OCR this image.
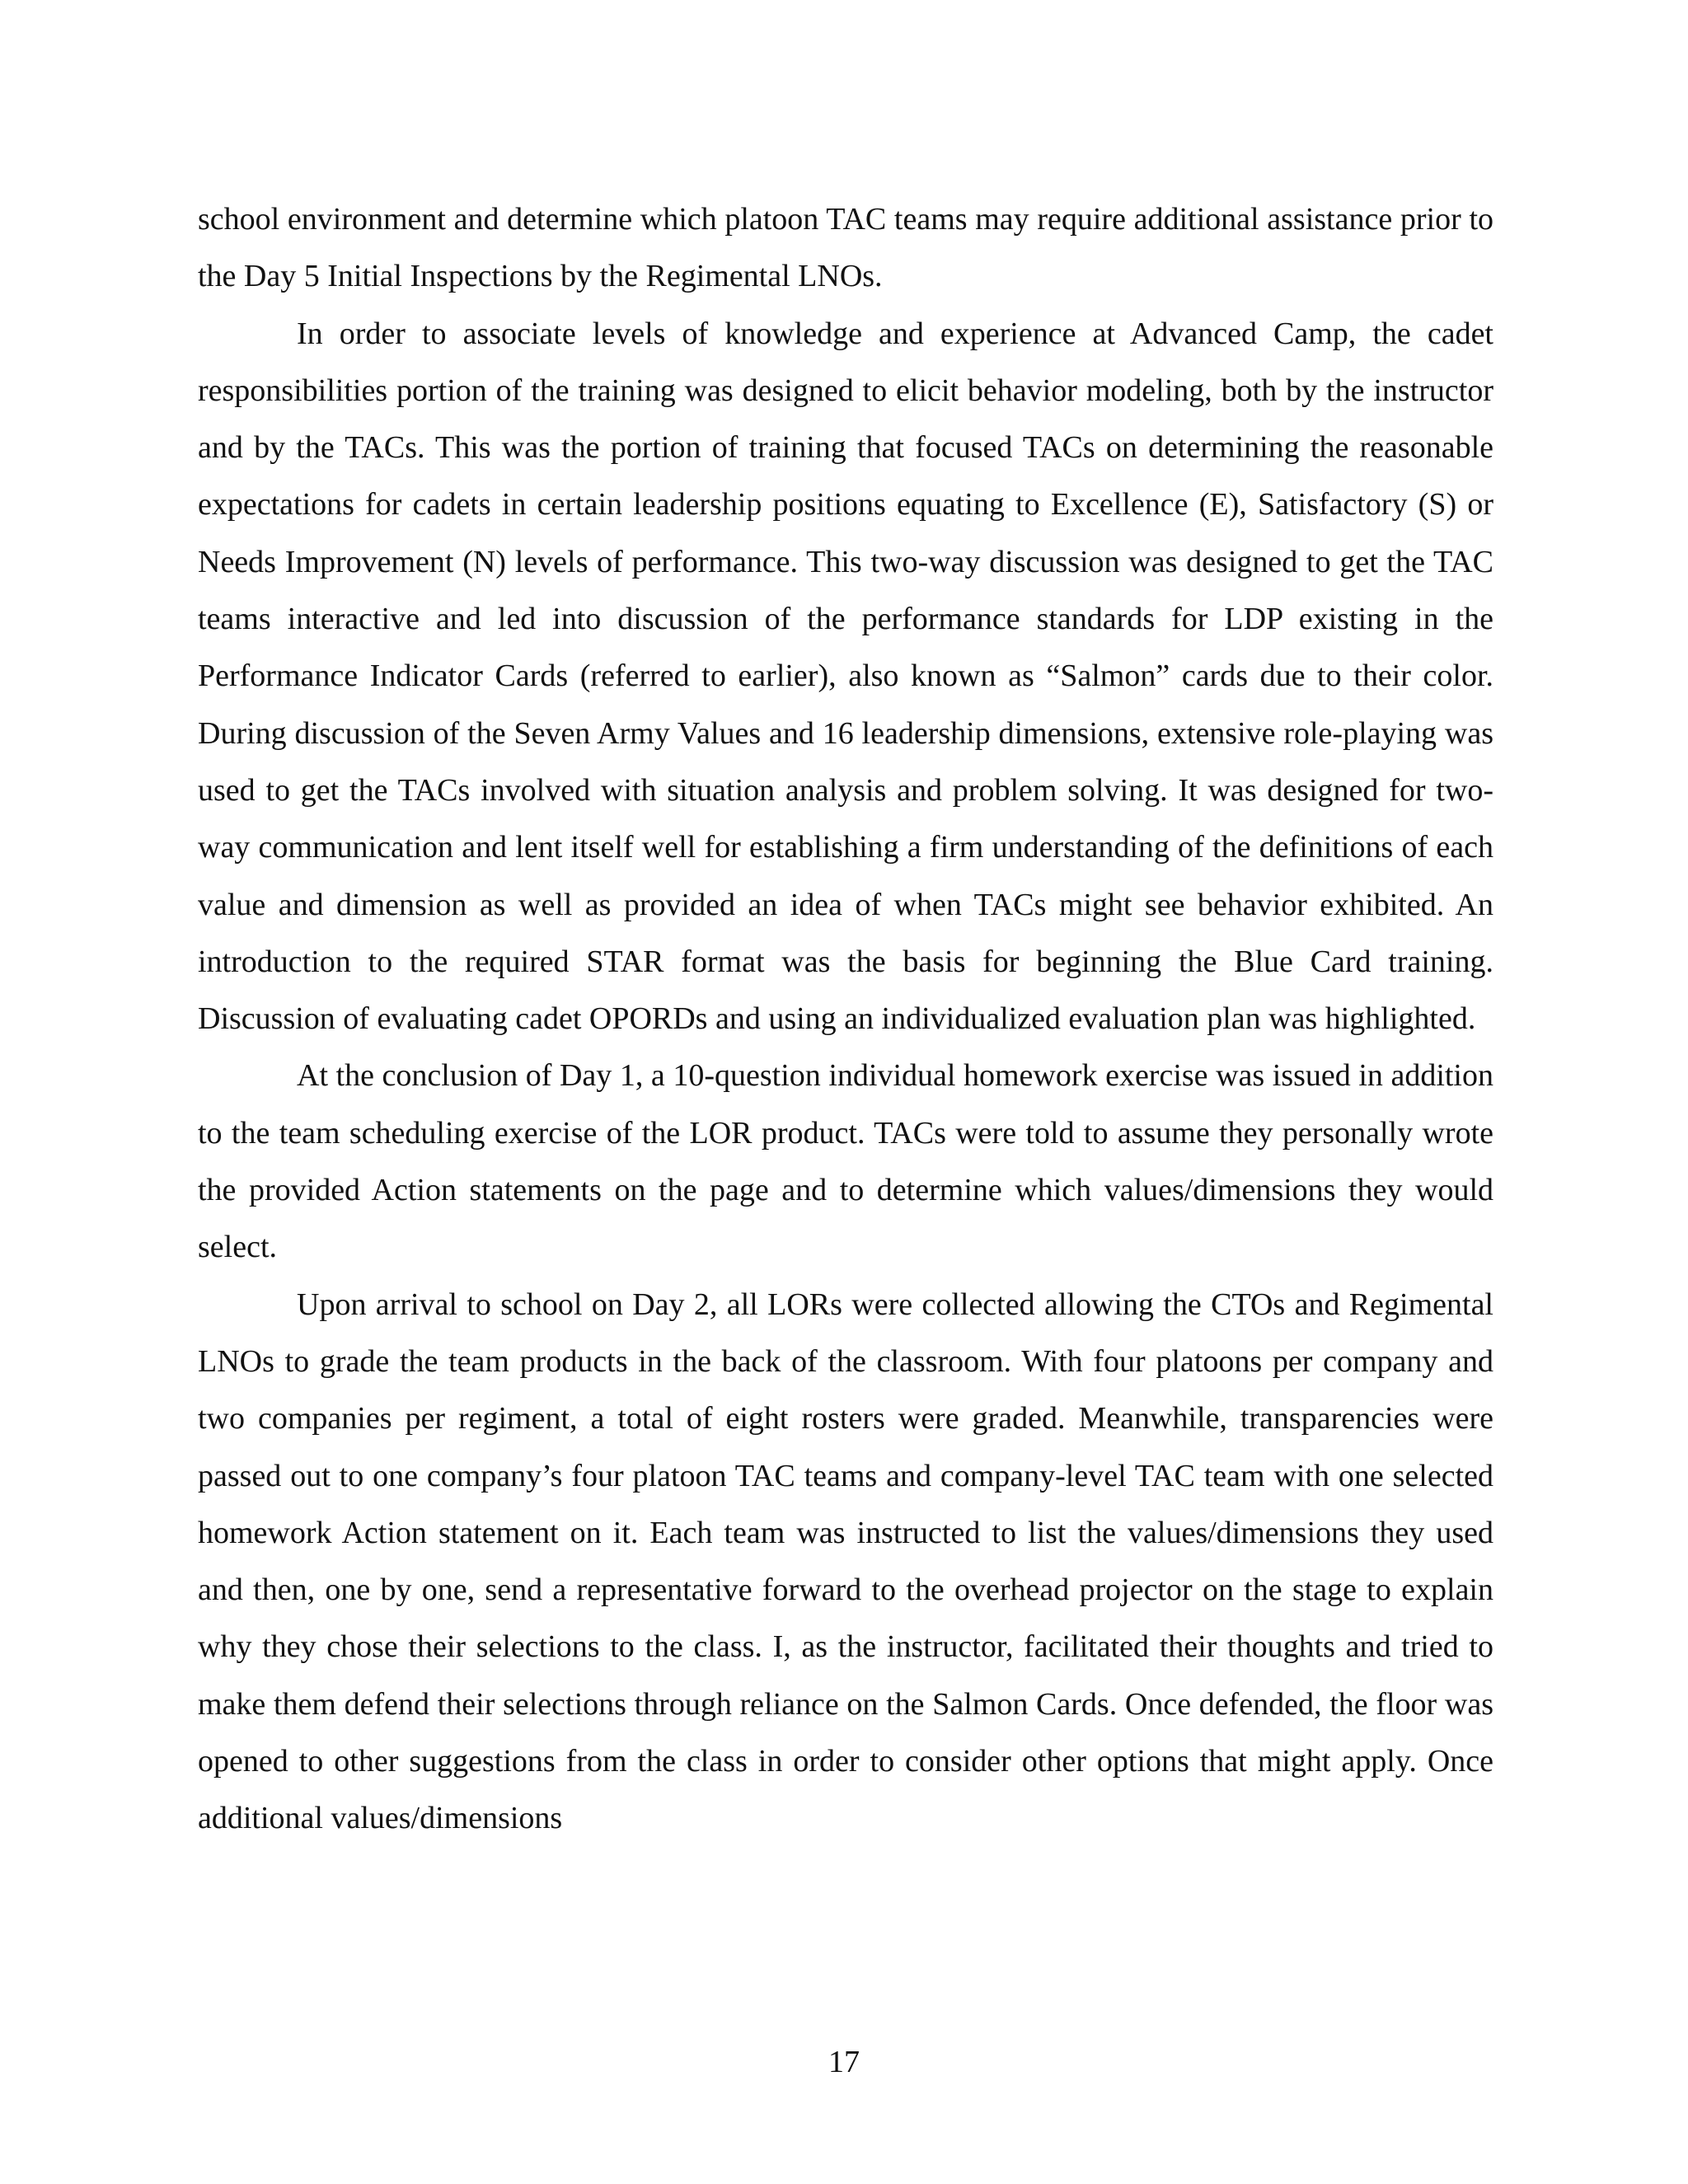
school environment and determine which platoon TAC teams may require additional assistance prior to the Day 5 Initial Inspections by the Regimental LNOs.

In order to associate levels of knowledge and experience at Advanced Camp, the cadet responsibilities portion of the training was designed to elicit behavior modeling, both by the instructor and by the TACs. This was the portion of training that focused TACs on determining the reasonable expectations for cadets in certain leadership positions equating to Excellence (E), Satisfactory (S) or Needs Improvement (N) levels of performance. This two-way discussion was designed to get the TAC teams interactive and led into discussion of the performance standards for LDP existing in the Performance Indicator Cards (referred to earlier), also known as “Salmon” cards due to their color. During discussion of the Seven Army Values and 16 leadership dimensions, extensive role-playing was used to get the TACs involved with situation analysis and problem solving. It was designed for two-way communication and lent itself well for establishing a firm understanding of the definitions of each value and dimension as well as provided an idea of when TACs might see behavior exhibited. An introduction to the required STAR format was the basis for beginning the Blue Card training. Discussion of evaluating cadet OPORDs and using an individualized evaluation plan was highlighted.

At the conclusion of Day 1, a 10-question individual homework exercise was issued in addition to the team scheduling exercise of the LOR product. TACs were told to assume they personally wrote the provided Action statements on the page and to determine which values/dimensions they would select.

Upon arrival to school on Day 2, all LORs were collected allowing the CTOs and Regimental LNOs to grade the team products in the back of the classroom. With four platoons per company and two companies per regiment, a total of eight rosters were graded. Meanwhile, transparencies were passed out to one company’s four platoon TAC teams and company-level TAC team with one selected homework Action statement on it. Each team was instructed to list the values/dimensions they used and then, one by one, send a representative forward to the overhead projector on the stage to explain why they chose their selections to the class. I, as the instructor, facilitated their thoughts and tried to make them defend their selections through reliance on the Salmon Cards. Once defended, the floor was opened to other suggestions from the class in order to consider other options that might apply. Once additional values/dimensions

17
